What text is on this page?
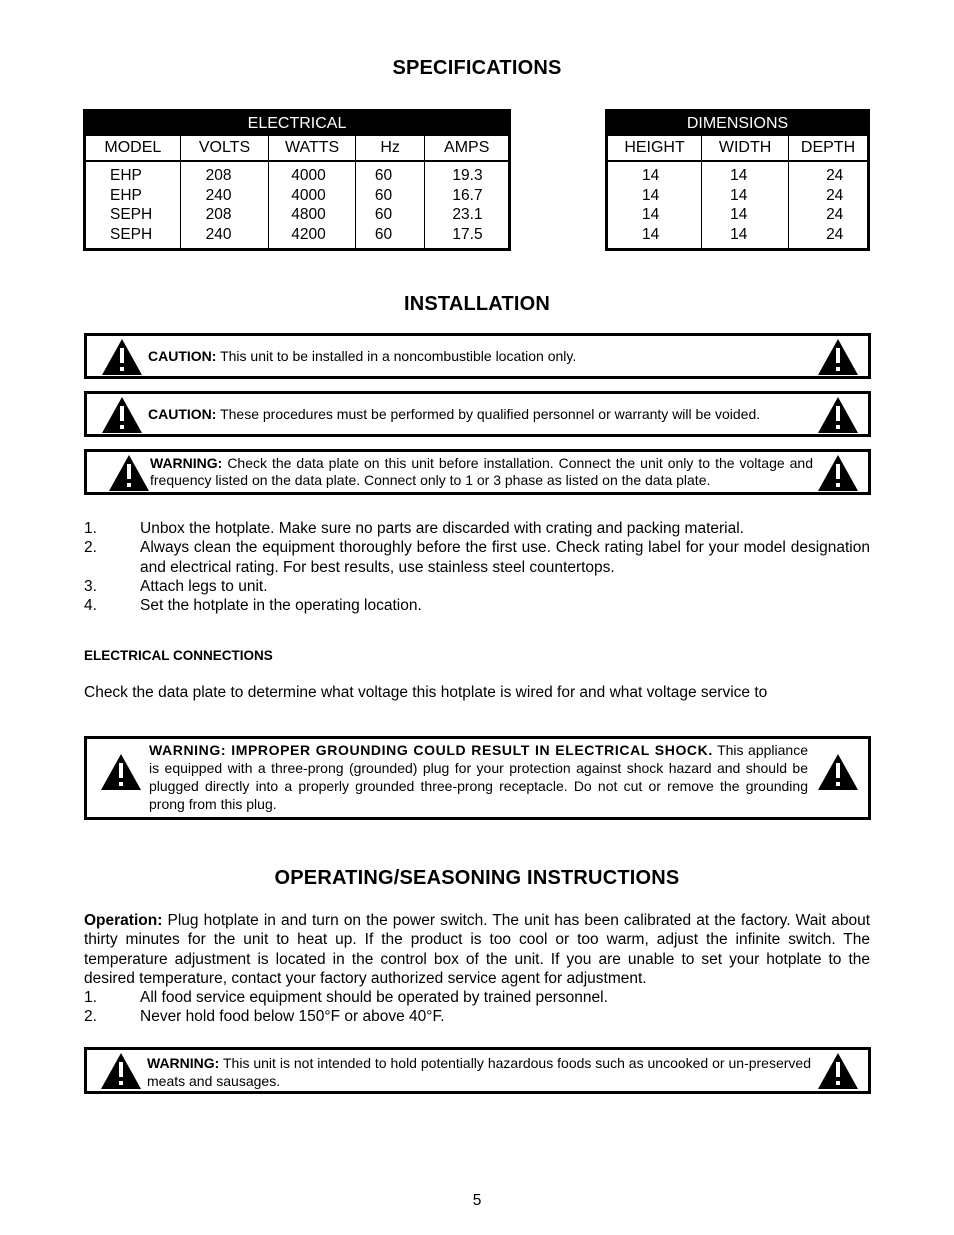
SPECIFICATIONS
ELECTRICAL				
MODEL	VOLTS	WATTS	Hz	AMPS
EHP	208	4000	60	19.3
EHP	240	4000	60	16.7
SEPH	208	4800	60	23.1
SEPH	240	4200	60	17.5
DIMENSIONS		
HEIGHT	WIDTH	DEPTH
14	14	24
14	14	24
14	14	24
14	14	24
INSTALLATION
CAUTION: This unit to be installed in a noncombustible location only.
CAUTION: These procedures must be performed by qualified personnel or warranty will be voided.
WARNING: Check the data plate on this unit before installation. Connect the unit only to the voltage and frequency listed on the data plate. Connect only to 1 or 3 phase as listed on the data plate.
1.	Unbox the hotplate. Make sure no parts are discarded with crating and packing material.
2.	Always clean the equipment thoroughly before the first use. Check rating label for your model designation and electrical rating. For best results, use stainless steel countertops.
3.	Attach legs to unit.
4.	Set the hotplate in the operating location.
ELECTRICAL CONNECTIONS
Check the data plate to determine what voltage this hotplate is wired for and what voltage service to
WARNING: IMPROPER GROUNDING COULD RESULT IN ELECTRICAL SHOCK. This appliance is equipped with a three-prong (grounded) plug for your protection against shock hazard and should be plugged directly into a properly grounded three-prong receptacle. Do not cut or remove the grounding prong from this plug.
OPERATING/SEASONING INSTRUCTIONS
Operation: Plug hotplate in and turn on the power switch. The unit has been calibrated at the factory. Wait about thirty minutes for the unit to heat up. If the product is too cool or too warm, adjust the infinite switch. The temperature adjustment is located in the control box of the unit. If you are unable to set your hotplate to the desired temperature, contact your factory authorized service agent for adjustment.
1.	All food service equipment should be operated by trained personnel.
2.	Never hold food below 150°F or above 40°F.
WARNING: This unit is not intended to hold potentially hazardous foods such as uncooked or un-preserved meats and sausages.
5
